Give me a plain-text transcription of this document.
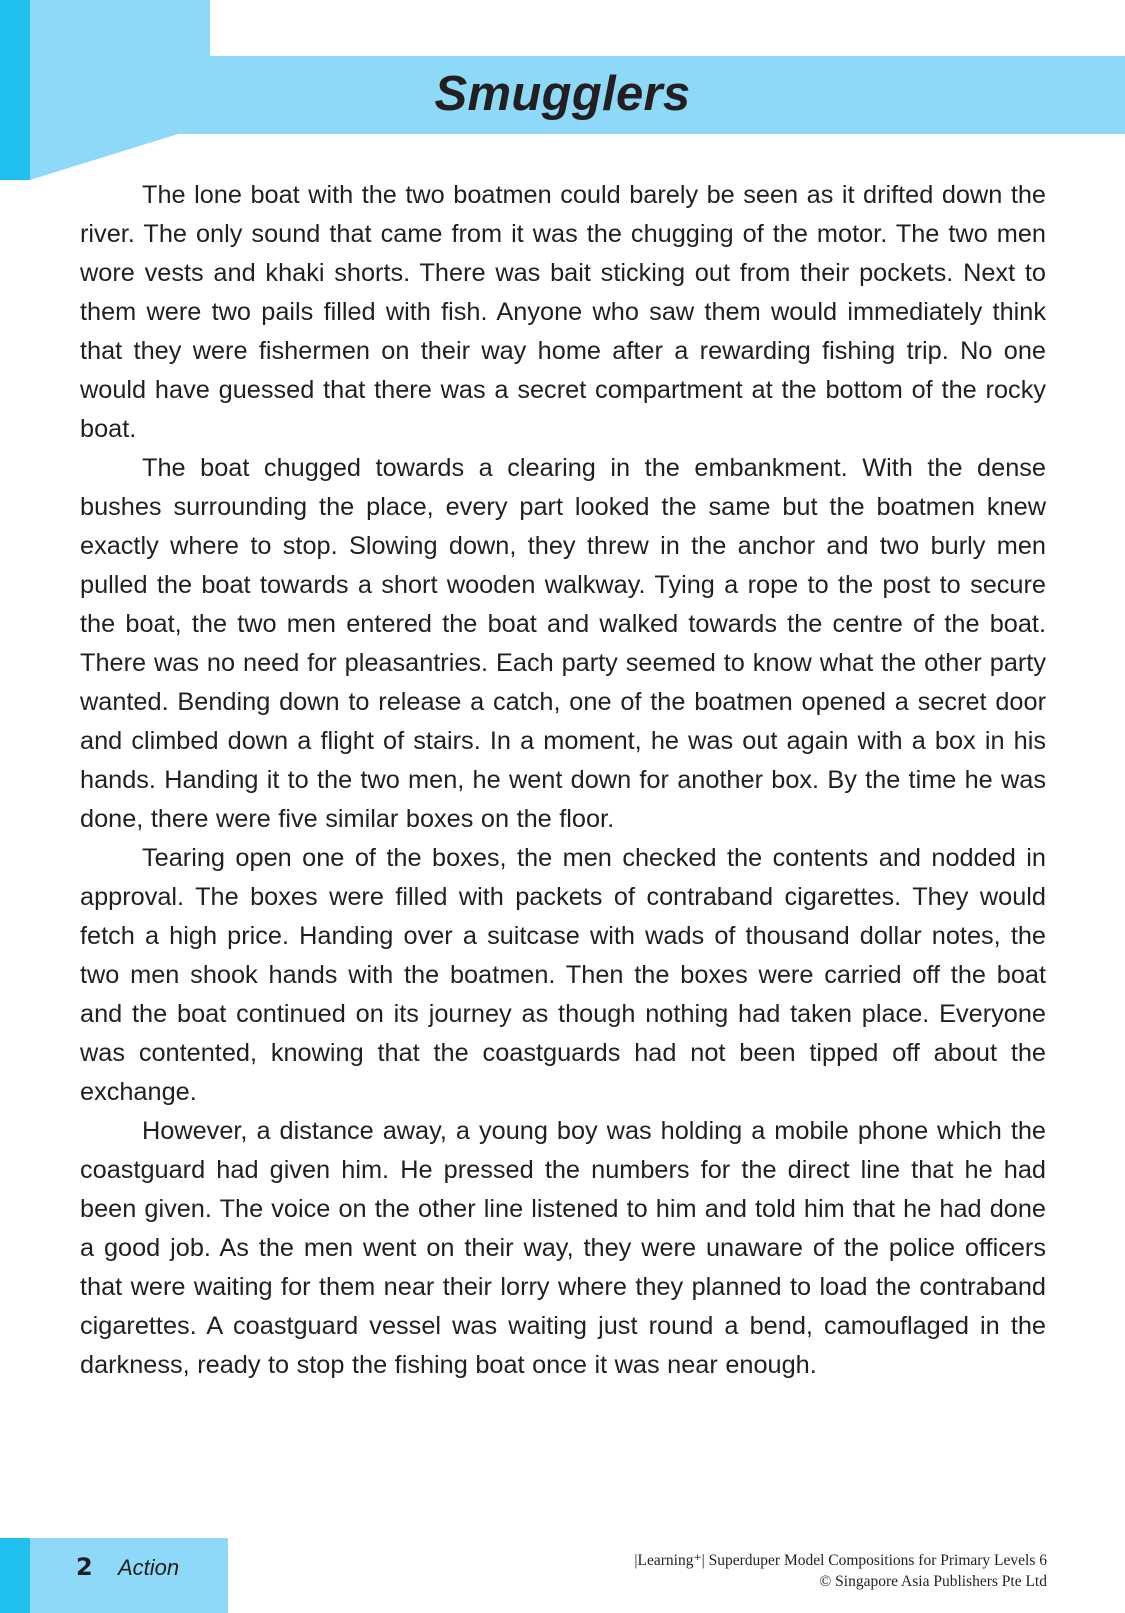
Smugglers

The lone boat with the two boatmen could barely be seen as it drifted down the river. The only sound that came from it was the chugging of the motor. The two men wore vests and khaki shorts. There was bait sticking out from their pockets. Next to them were two pails filled with fish. Anyone who saw them would immediately think that they were fishermen on their way home after a rewarding fishing trip. No one would have guessed that there was a secret compartment at the bottom of the rocky boat.

The boat chugged towards a clearing in the embankment. With the dense bushes surrounding the place, every part looked the same but the boatmen knew exactly where to stop. Slowing down, they threw in the anchor and two burly men pulled the boat towards a short wooden walkway. Tying a rope to the post to secure the boat, the two men entered the boat and walked towards the centre of the boat. There was no need for pleasantries. Each party seemed to know what the other party wanted. Bending down to release a catch, one of the boatmen opened a secret door and climbed down a flight of stairs. In a moment, he was out again with a box in his hands. Handing it to the two men, he went down for another box. By the time he was done, there were five similar boxes on the floor.

Tearing open one of the boxes, the men checked the contents and nodded in approval. The boxes were filled with packets of contraband cigarettes. They would fetch a high price. Handing over a suitcase with wads of thousand dollar notes, the two men shook hands with the boatmen. Then the boxes were carried off the boat and the boat continued on its journey as though nothing had taken place. Everyone was contented, knowing that the coastguards had not been tipped off about the exchange.

However, a distance away, a young boy was holding a mobile phone which the coastguard had given him. He pressed the numbers for the direct line that he had been given. The voice on the other line listened to him and told him that he had done a good job. As the men went on their way, they were unaware of the police officers that were waiting for them near their lorry where they planned to load the contraband cigarettes. A coastguard vessel was waiting just round a bend, camouflaged in the darkness, ready to stop the fishing boat once it was near enough.

2 Action	|Learning⁺| Superduper Model Compositions for Primary Levels 6
© Singapore Asia Publishers Pte Ltd
